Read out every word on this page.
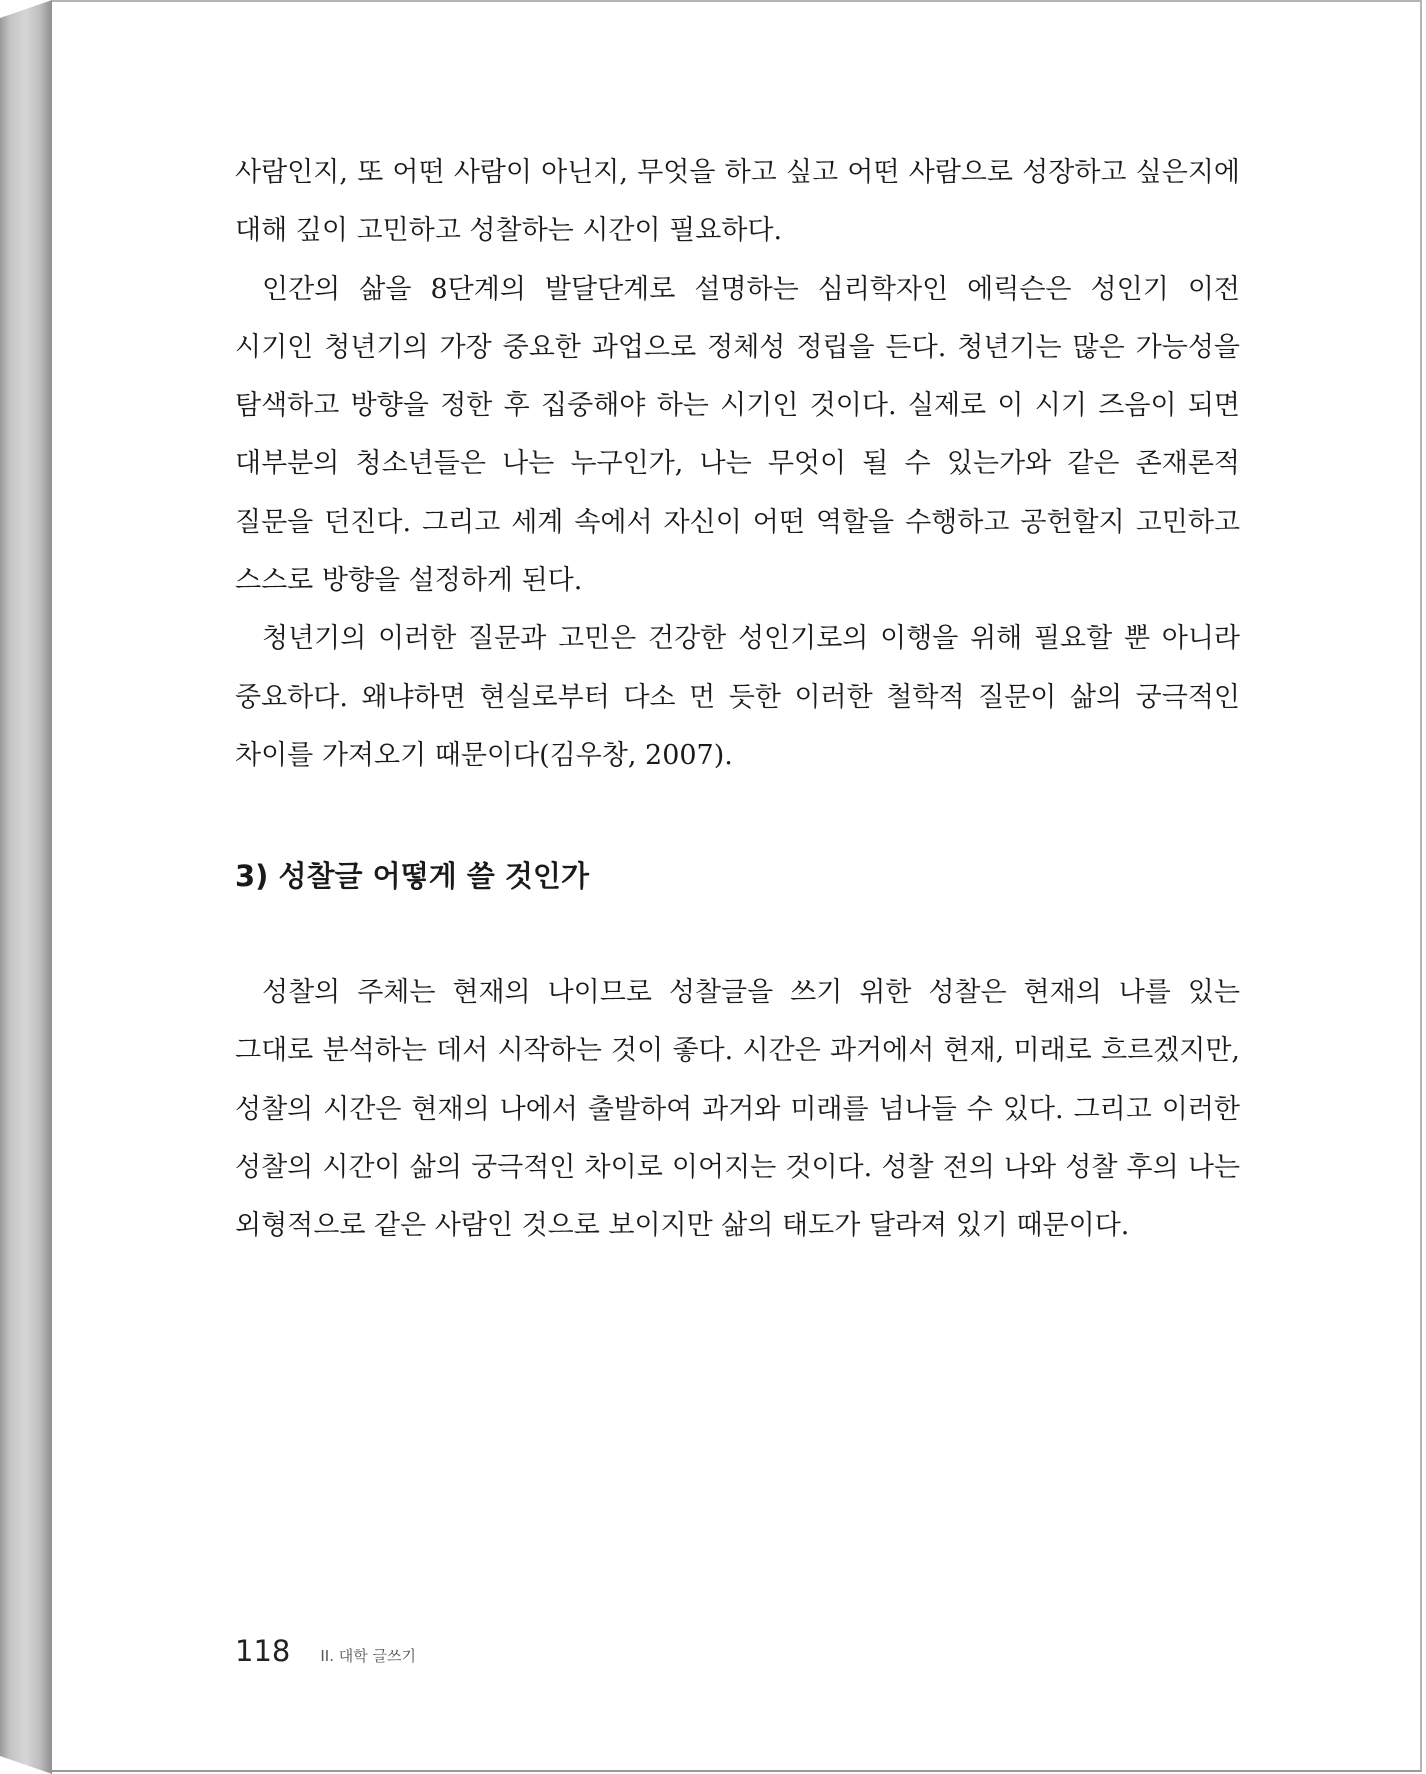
사람인지, 또 어떤 사람이 아닌지, 무엇을 하고 싶고 어떤 사람으로 성장하고 싶은지에 대해 깊이 고민하고 성찰하는 시간이 필요하다.

인간의 삶을 8단계의 발달단계로 설명하는 심리학자인 에릭슨은 성인기 이전 시기인 청년기의 가장 중요한 과업으로 정체성 정립을 든다. 청년기는 많은 가능성을 탐색하고 방향을 정한 후 집중해야 하는 시기인 것이다. 실제로 이 시기 즈음이 되면 대부분의 청소년들은 나는 누구인가, 나는 무엇이 될 수 있는가와 같은 존재론적 질문을 던진다. 그리고 세계 속에서 자신이 어떤 역할을 수행하고 공헌할지 고민하고 스스로 방향을 설정하게 된다.

청년기의 이러한 질문과 고민은 건강한 성인기로의 이행을 위해 필요할 뿐 아니라 중요하다. 왜냐하면 현실로부터 다소 먼 듯한 이러한 철학적 질문이 삶의 궁극적인 차이를 가져오기 때문이다(김우창, 2007).

3) 성찰글 어떻게 쓸 것인가

성찰의 주체는 현재의 나이므로 성찰글을 쓰기 위한 성찰은 현재의 나를 있는 그대로 분석하는 데서 시작하는 것이 좋다. 시간은 과거에서 현재, 미래로 흐르겠지만, 성찰의 시간은 현재의 나에서 출발하여 과거와 미래를 넘나들 수 있다. 그리고 이러한 성찰의 시간이 삶의 궁극적인 차이로 이어지는 것이다. 성찰 전의 나와 성찰 후의 나는 외형적으로 같은 사람인 것으로 보이지만 삶의 태도가 달라져 있기 때문이다.

118 II. 대학 글쓰기
